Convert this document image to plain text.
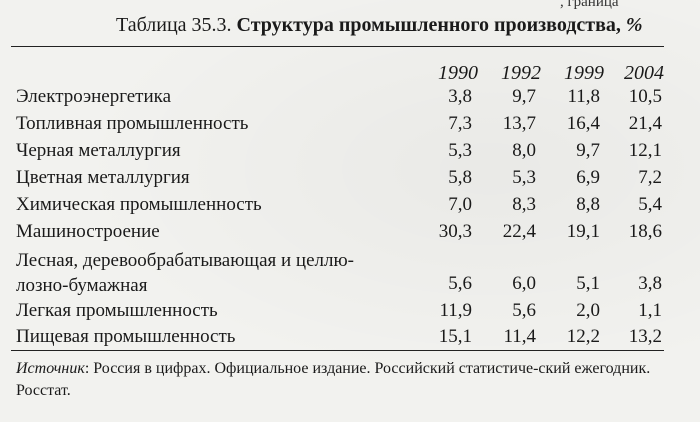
, граница
Таблица 35.3. Структура промышленного производства, %
1990 1992 1999 2004
Электроэнергетика	3,8	9,7	11,8	10,5
Топливная промышленность	7,3	13,7	16,4	21,4
Черная металлургия	5,3	8,0	9,7	12,1
Цветная металлургия	5,8	5,3	6,9	7,2
Химическая промышленность	7,0	8,3	8,8	5,4
Машиностроение	30,3	22,4	19,1	18,6
Лесная, деревообрабатывающая и целлю-
лозно-бумажная	5,6	6,0	5,1	3,8
Легкая промышленность	11,9	5,6	2,0	1,1
Пищевая промышленность	15,1	11,4	12,2	13,2
Источник: Россия в цифрах. Официальное издание. Российский статистиче-ский ежегодник. Росстат.
